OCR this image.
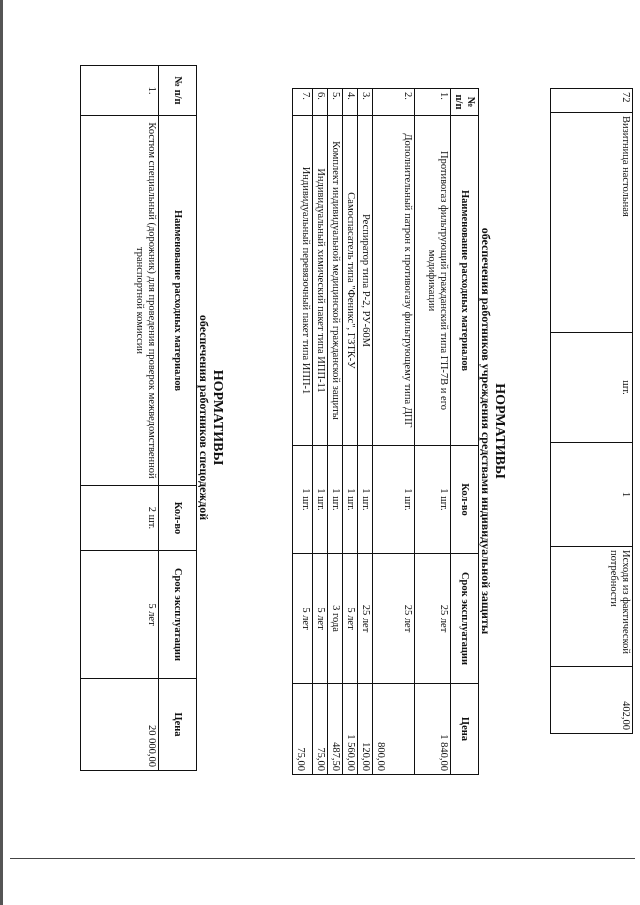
72	Визитница настольная	шт.	1	Исходя из фактической потребности	402,00
НОРМАТИВЫ
обеспечения работников учреждения средствами индивидуальной защиты
№ п/п	Наименование расходных материалов	Кол-во	Срок эксплуатации	Цена
1.	Противогаз фильтрующий гражданский типа ГП-7В и его модификации	1 шт.	25 лет	1 840,00
2.	Дополнительный патрон к противогазу фильтрующему типа ДПГ	1 шт.	25 лет	800,00
3.	Респиратор типа Р-2, РУ-60М	1 шт.	25 лет	120,00
4.	Самоспасатель типа "Феникс", ГЗТК-У	1 шт.	5 лет	1 560,00
5.	Комплект индивидуальной медицинской гражданской защиты	1 шт.	3 года	487,50
6.	Индивидуальный химический пакет типа ИПП-11	1 шт.	5 лет	75,00
7.	Индивидуальный перевязочный пакет типа ИПП-1	1 шт.	5 лет	75,00
НОРМАТИВЫ
обеспечения работников спецодеждой
№ п/п	Наименование расходных материалов	Кол-во	Срок эксплуатации	Цена
1.	Костюм специальный (дорожник) для проведения проверок межведомственной транспортной комиссии	2 шт.	5 лет	20 000,00
